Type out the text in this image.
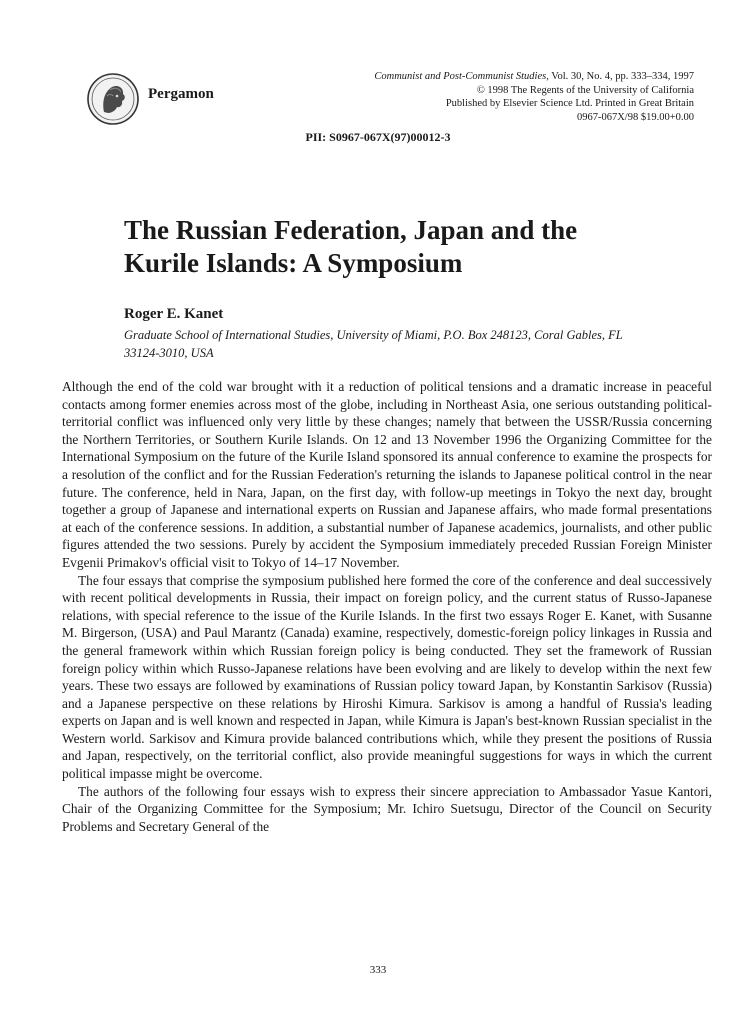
Pergamon
Communist and Post-Communist Studies, Vol. 30, No. 4, pp. 333–334, 1997
© 1998 The Regents of the University of California
Published by Elsevier Science Ltd. Printed in Great Britain
0967-067X/98 $19.00+0.00
PII: S0967-067X(97)00012-3
The Russian Federation, Japan and the Kurile Islands: A Symposium
Roger E. Kanet
Graduate School of International Studies, University of Miami, P.O. Box 248123, Coral Gables, FL 33124-3010, USA

Although the end of the cold war brought with it a reduction of political tensions and a dramatic increase in peaceful contacts among former enemies across most of the globe, including in Northeast Asia, one serious outstanding political-territorial conflict was influenced only very little by these changes; namely that between the USSR/Russia concerning the Northern Territories, or Southern Kurile Islands. On 12 and 13 November 1996 the Organizing Committee for the International Symposium on the future of the Kurile Island sponsored its annual conference to examine the prospects for a resolution of the conflict and for the Russian Federation's returning the islands to Japanese political control in the near future. The conference, held in Nara, Japan, on the first day, with follow-up meetings in Tokyo the next day, brought together a group of Japanese and international experts on Russian and Japanese affairs, who made formal presentations at each of the conference sessions. In addition, a substantial number of Japanese academics, journalists, and other public figures attended the two sessions. Purely by accident the Symposium immediately preceded Russian Foreign Minister Evgenii Primakov's official visit to Tokyo of 14–17 November.

The four essays that comprise the symposium published here formed the core of the conference and deal successively with recent political developments in Russia, their impact on foreign policy, and the current status of Russo-Japanese relations, with special reference to the issue of the Kurile Islands. In the first two essays Roger E. Kanet, with Susanne M. Birgerson, (USA) and Paul Marantz (Canada) examine, respectively, domestic-foreign policy linkages in Russia and the general framework within which Russian foreign policy is being conducted. They set the framework of Russian foreign policy within which Russo-Japanese relations have been evolving and are likely to develop within the next few years. These two essays are followed by examinations of Russian policy toward Japan, by Konstantin Sarkisov (Russia) and a Japanese perspective on these relations by Hiroshi Kimura. Sarkisov is among a handful of Russia's leading experts on Japan and is well known and respected in Japan, while Kimura is Japan's best-known Russian specialist in the Western world. Sarkisov and Kimura provide balanced contributions which, while they present the positions of Russia and Japan, respectively, on the territorial conflict, also provide meaningful suggestions for ways in which the current political impasse might be overcome.

The authors of the following four essays wish to express their sincere appreciation to Ambassador Yasue Kantori, Chair of the Organizing Committee for the Symposium; Mr. Ichiro Suetsugu, Director of the Council on Security Problems and Secretary General of the

333
